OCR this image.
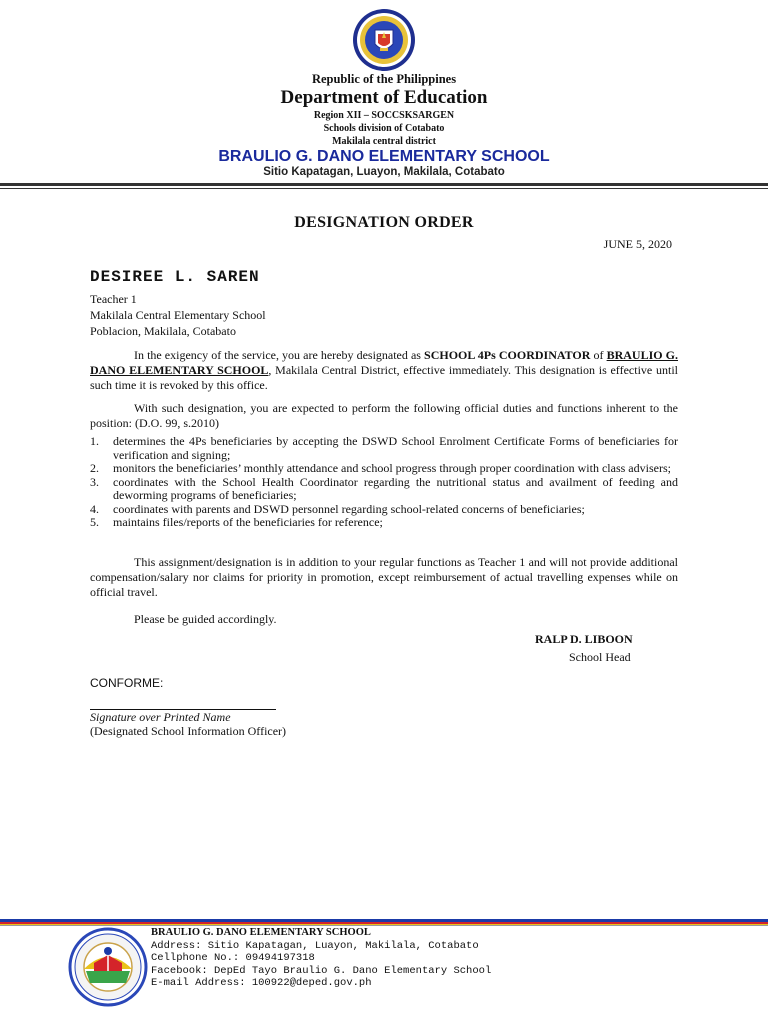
Republic of the Philippines
Department of Education
Region XII – SOCCSKSARGEN
Schools division of Cotabato
Makilala central district
BRAULIO G. DANO ELEMENTARY SCHOOL
Sitio Kapatagan, Luayon, Makilala, Cotabato
DESIGNATION ORDER
JUNE 5, 2020
DESIREE L. SAREN
Teacher 1
Makilala Central Elementary School
Poblacion, Makilala, Cotabato
In the exigency of the service, you are hereby designated as SCHOOL 4Ps COORDINATOR of BRAULIO G. DANO ELEMENTARY SCHOOL, Makilala Central District, effective immediately. This designation is effective until such time it is revoked by this office.
With such designation, you are expected to perform the following official duties and functions inherent to the position: (D.O. 99, s.2010)
1.	determines the 4Ps beneficiaries by accepting the DSWD School Enrolment Certificate Forms of beneficiaries for verification and signing;
2.	monitors the beneficiaries’ monthly attendance and school progress through proper coordination with class advisers;
3.	coordinates with the School Health Coordinator regarding the nutritional status and availment of feeding and deworming programs of beneficiaries;
4.	coordinates with parents and DSWD personnel regarding school-related concerns of beneficiaries;
5.	maintains files/reports of the beneficiaries for reference;
This assignment/designation is in addition to your regular functions as Teacher 1 and will not provide additional compensation/salary nor claims for priority in promotion, except reimbursement of actual travelling expenses while on official travel.
Please be guided accordingly.
RALP D. LIBOON
School Head
CONFORME:
Signature over Printed Name
(Designated School Information Officer)
BRAULIO G. DANO ELEMENTARY SCHOOL
Address: Sitio Kapatagan, Luayon, Makilala, Cotabato
Cellphone No.: 09494197318
Facebook: DepEd Tayo Braulio G. Dano Elementary School
E-mail Address: 100922@deped.gov.ph
